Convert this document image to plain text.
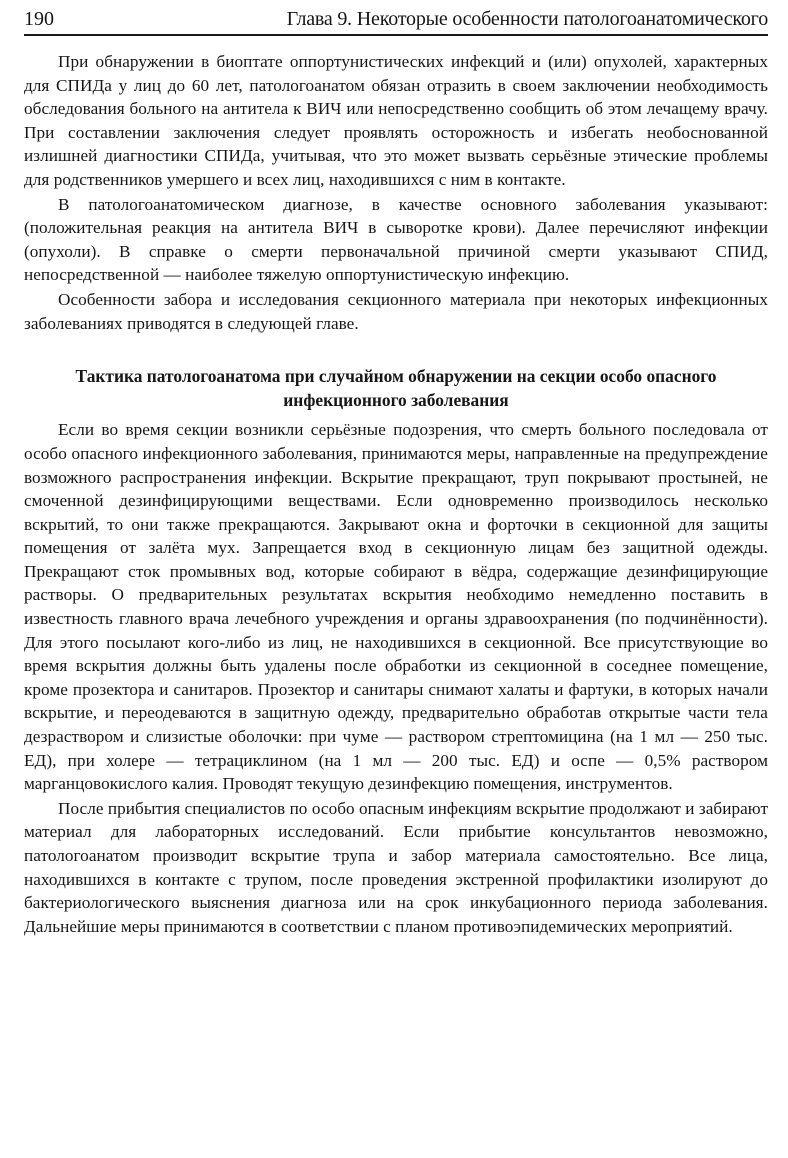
190	Глава 9. Некоторые особенности патологоанатомического

При обнаружении в биоптате оппортунистических инфекций и (или) опухолей, характерных для СПИДа у лиц до 60 лет, патологоанатом обязан отразить в своем заключении необходимость обследования больного на антитела к ВИЧ или непосредственно сообщить об этом лечащему врачу. При составлении заключения следует проявлять осторожность и избегать необоснованной излишней диагностики СПИДа, учитывая, что это может вызвать серьёзные этические проблемы для родственников умершего и всех лиц, находившихся с ним в контакте.

В патологоанатомическом диагнозе, в качестве основного заболевания указывают: (положительная реакция на антитела ВИЧ в сыворотке крови). Далее перечисляют инфекции (опухоли). В справке о смерти первоначальной причиной смерти указывают СПИД, непосредственной — наиболее тяжелую оппортунистическую инфекцию.

Особенности забора и исследования секционного материала при некоторых инфекционных заболеваниях приводятся в следующей главе.

Тактика патологоанатома при случайном обнаружении на секции особо опасного инфекционного заболевания

Если во время секции возникли серьёзные подозрения, что смерть больного последовала от особо опасного инфекционного заболевания, принимаются меры, направленные на предупреждение возможного распространения инфекции. Вскрытие прекращают, труп покрывают простыней, не смоченной дезинфицирующими веществами. Если одновременно производилось несколько вскрытий, то они также прекращаются. Закрывают окна и форточки в секционной для защиты помещения от залёта мух. Запрещается вход в секционную лицам без защитной одежды. Прекращают сток промывных вод, которые собирают в вёдра, содержащие дезинфицирующие растворы. О предварительных результатах вскрытия необходимо немедленно поставить в известность главного врача лечебного учреждения и органы здравоохранения (по подчинённости). Для этого посылают кого-либо из лиц, не находившихся в секционной. Все присутствующие во время вскрытия должны быть удалены после обработки из секционной в соседнее помещение, кроме прозектора и санитаров. Прозектор и санитары снимают халаты и фартуки, в которых начали вскрытие, и переодеваются в защитную одежду, предварительно обработав открытые части тела дезраствором и слизистые оболочки: при чуме — раствором стрептомицина (на 1 мл — 250 тыс. ЕД), при холере — тетрациклином (на 1 мл — 200 тыс. ЕД) и оспе — 0,5% раствором марганцовокислого калия. Проводят текущую дезинфекцию помещения, инструментов.

После прибытия специалистов по особо опасным инфекциям вскрытие продолжают и забирают материал для лабораторных исследований. Если прибытие консультантов невозможно, патологоанатом производит вскрытие трупа и забор материала самостоятельно. Все лица, находившихся в контакте с трупом, после проведения экстренной профилактики изолируют до бактериологического выяснения диагноза или на срок инкубационного периода заболевания. Дальнейшие меры принимаются в соответствии с планом противоэпидемических мероприятий.
